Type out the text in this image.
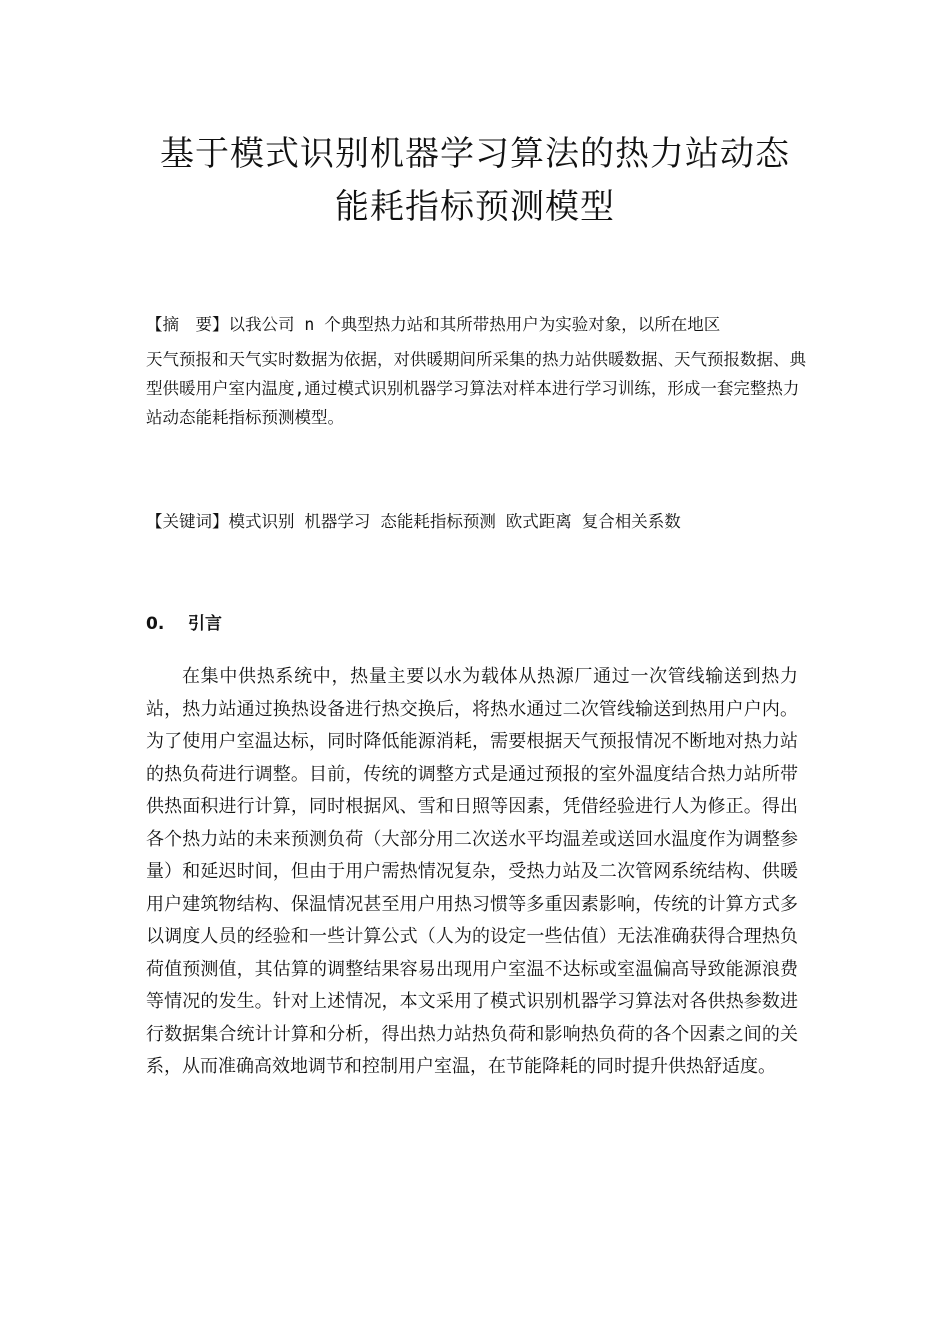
基于模式识别机器学习算法的热力站动态
能耗指标预测模型
【摘　要】以我公司 n 个典型热力站和其所带热用户为实验对象，以所在地区
天气预报和天气实时数据为依据，对供暖期间所采集的热力站供暖数据、天气预报数据、典型供暖用户室内温度,通过模式识别机器学习算法对样本进行学习训练，形成一套完整热力站动态能耗指标预测模型。
【关键词】模式识别 机器学习 态能耗指标预测 欧式距离 复合相关系数
0. 引言

在集中供热系统中，热量主要以水为载体从热源厂通过一次管线输送到热力站，热力站通过换热设备进行热交换后，将热水通过二次管线输送到热用户户内。为了使用户室温达标，同时降低能源消耗，需要根据天气预报情况不断地对热力站的热负荷进行调整。目前，传统的调整方式是通过预报的室外温度结合热力站所带供热面积进行计算，同时根据风、雪和日照等因素，凭借经验进行人为修正。得出各个热力站的未来预测负荷（大部分用二次送水平均温差或送回水温度作为调整参量）和延迟时间，但由于用户需热情况复杂，受热力站及二次管网系统结构、供暖用户建筑物结构、保温情况甚至用户用热习惯等多重因素影响，传统的计算方式多以调度人员的经验和一些计算公式（人为的设定一些估值）无法准确获得合理热负荷值预测值，其估算的调整结果容易出现用户室温不达标或室温偏高导致能源浪费等情况的发生。针对上述情况，本文采用了模式识别机器学习算法对各供热参数进行数据集合统计计算和分析，得出热力站热负荷和影响热负荷的各个因素之间的关系，从而准确高效地调节和控制用户室温，在节能降耗的同时提升供热舒适度。
